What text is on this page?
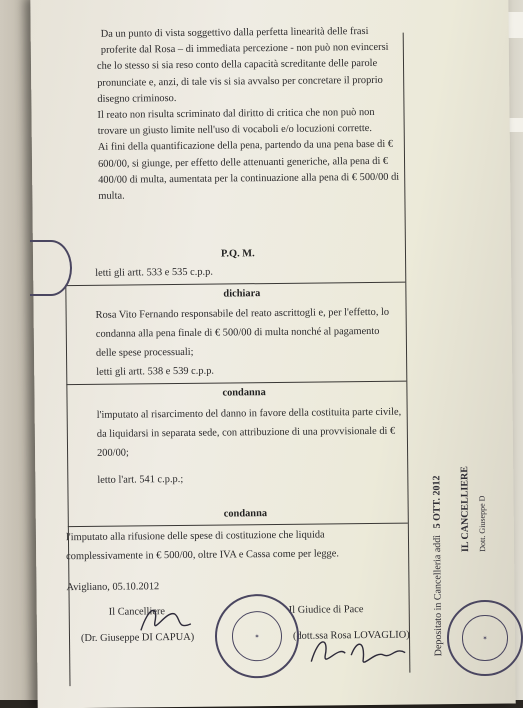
Da un punto di vista soggettivo dalla perfetta linearità delle frasi
proferite dal Rosa – di immediata percezione - non può non evincersi
che lo stesso si sia reso conto della capacità screditante delle parole
pronunciate e, anzi, di tale vis si sia avvalso per concretare il proprio
disegno criminoso.
Il reato non risulta scriminato dal diritto di critica che non può non
trovare un giusto limite nell'uso di vocaboli e/o locuzioni corrette.
Ai fini della quantificazione della pena, partendo da una pena base di €
600/00, si giunge, per effetto delle attenuanti generiche, alla pena di €
400/00 di multa, aumentata per la continuazione alla pena di € 500/00 di
multa.
P.Q. M.
letti gli artt. 533 e 535 c.p.p.
dichiara
Rosa Vito Fernando responsabile del reato ascrittogli e, per l'effetto, lo
condanna alla pena finale di € 500/00 di multa nonché al pagamento
delle spese processuali;
letti gli artt. 538 e 539 c.p.p.
condanna
l'imputato al risarcimento del danno in favore della costituita parte civile,
da liquidarsi in separata sede, con attribuzione di una provvisionale di €
200/00;
letto l'art. 541 c.p.p.;
condanna
l'imputato alla rifusione delle spese di costituzione che liquida
complessivamente in € 500/00, oltre IVA e Cassa come per legge.
Avigliano, 05.10.2012
Il Cancelliere	Il Giudice di Pace
(Dr. Giuseppe DI CAPUA)	(dott.ssa Rosa LOVAGLIO)
✶	Depositato in Cancelleria addì 5 OTT. 2012 IL CANCELLIERE Dott. Giuseppe D
✶
